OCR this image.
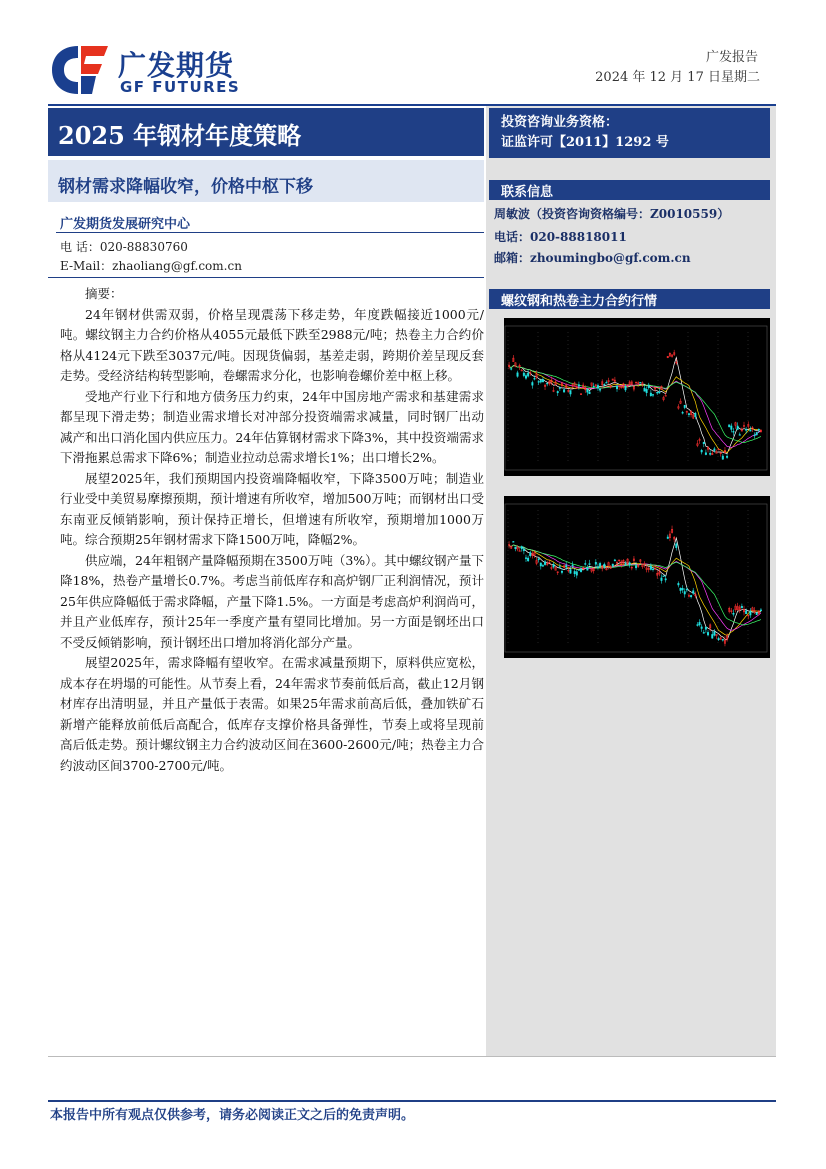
广发期货
GF FUTURES
广发报告
2024 年 12 月 17 日星期二
2025 年钢材年度策略
钢材需求降幅收窄，价格中枢下移
广发期货发展研究中心
电 话：020-88830760
E-Mail：zhaoliang@gf.com.cn

摘要：

24年钢材供需双弱，价格呈现震荡下移走势，年度跌幅接近1000元/吨。螺纹钢主力合约价格从4055元最低下跌至2988元/吨；热卷主力合约价格从4124元下跌至3037元/吨。因现货偏弱，基差走弱，跨期价差呈现反套走势。受经济结构转型影响，卷螺需求分化，也影响卷螺价差中枢上移。

受地产行业下行和地方债务压力约束，24年中国房地产需求和基建需求都呈现下滑走势；制造业需求增长对冲部分投资端需求减量，同时钢厂出动减产和出口消化国内供应压力。24年估算钢材需求下降3%，其中投资端需求下滑拖累总需求下降6%；制造业拉动总需求增长1%；出口增长2%。

展望2025年，我们预期国内投资端降幅收窄，下降3500万吨；制造业行业受中美贸易摩擦预期，预计增速有所收窄，增加500万吨；而钢材出口受东南亚反倾销影响，预计保持正增长，但增速有所收窄，预期增加1000万吨。综合预期25年钢材需求下降1500万吨，降幅2%。

供应端，24年粗钢产量降幅预期在3500万吨（3%）。其中螺纹钢产量下降18%，热卷产量增长0.7%。考虑当前低库存和高炉钢厂正利润情况，预计25年供应降幅低于需求降幅，产量下降1.5%。一方面是考虑高炉利润尚可，并且产业低库存，预计25年一季度产量有望同比增加。另一方面是钢坯出口不受反倾销影响，预计钢坯出口增加将消化部分产量。

展望2025年，需求降幅有望收窄。在需求减量预期下，原料供应宽松，成本存在坍塌的可能性。从节奏上看，24年需求节奏前低后高，截止12月钢材库存出清明显，并且产量低于表需。如果25年需求前高后低，叠加铁矿石新增产能释放前低后高配合，低库存支撑价格具备弹性，节奏上或将呈现前高后低走势。预计螺纹钢主力合约波动区间在3600-2600元/吨；热卷主力合约波动区间3700-2700元/吨。

投资咨询业务资格：
证监许可【2011】1292 号
联系信息
周敏波（投资咨询资格编号：Z0010559）
电话：020-88818011
邮箱：zhoumingbo@gf.com.cn
螺纹钢和热卷主力合约行情
本报告中所有观点仅供参考，请务必阅读正文之后的免责声明。
